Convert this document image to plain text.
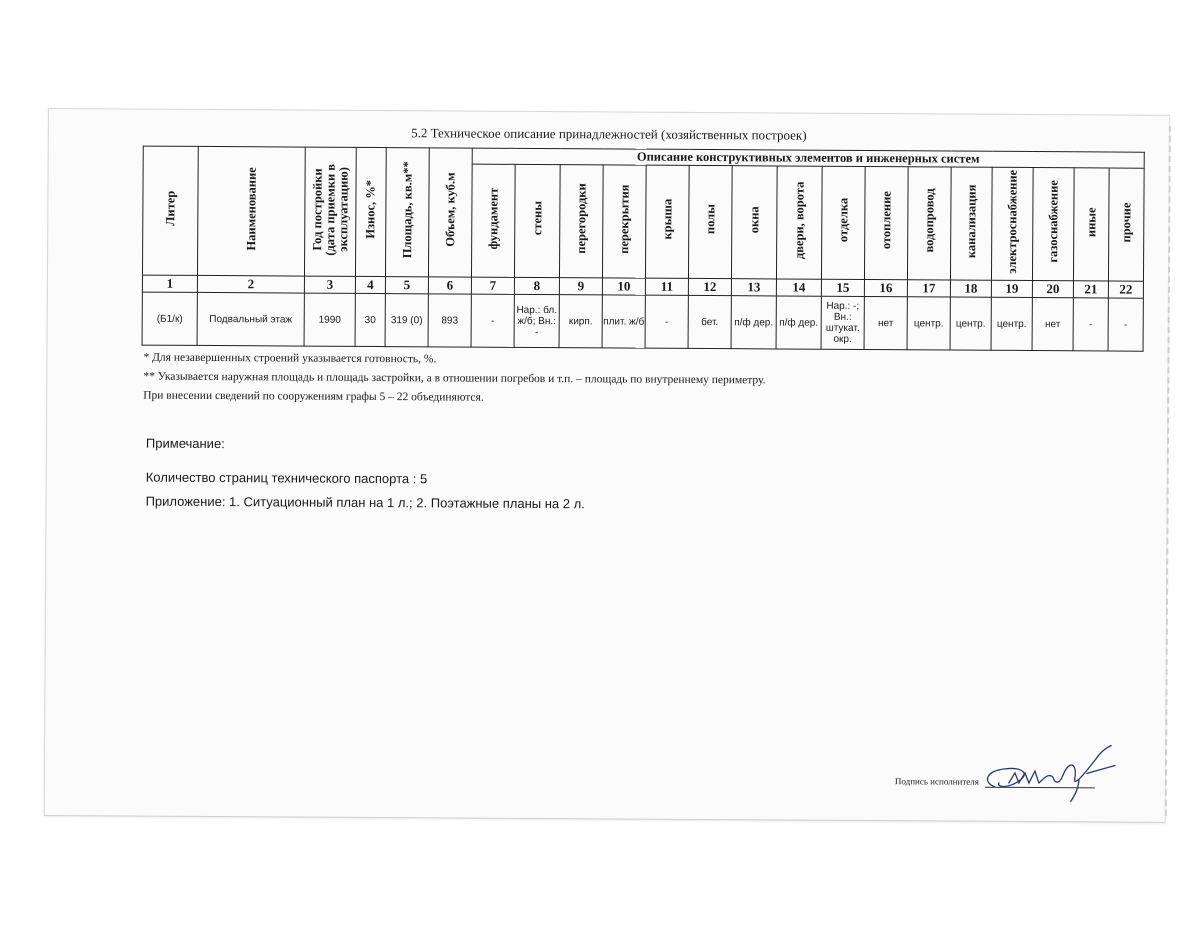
5.2 Техническое описание принадлежностей (хозяйственных построек)
Литер	Наименование	Год постройки (дата приемки в эксплуатацию)	Износ, %*	Площадь, кв.м**	Объем, куб.м	Описание конструктивных элементов и инженерных систем															
						фундамент	стены	перегородки	перекрытия	крыша	полы	окна	двери, ворота	отделка	отопление	водопровод	канализация	электроснабжение	газоснабжение	иные	прочие
1	2	3	4	5	6	7	8	9	10	11	12	13	14	15	16	17	18	19	20	21	22
(Б1/к)	Подвальный этаж	1990	30	319 (0)	893	-	Нар.: бл. ж/б; Вн.: -	кирп.	плит. ж/б	-	бет.	п/ф дер.	п/ф дер.	Нар.: -; Вн.: штукат. окр.	нет	центр.	центр.	центр.	нет	-	-
* Для незавершенных строений указывается готовность, %.
** Указывается наружная площадь и площадь застройки, а в отношении погребов и т.п. – площадь по внутреннему периметру.
При внесении сведений по сооружениям графы 5 – 22 объединяются.
Примечание:
Количество страниц технического паспорта : 5
Приложение: 1. Ситуационный план на 1 л.; 2. Поэтажные планы на 2 л.
Подпись исполнителя
